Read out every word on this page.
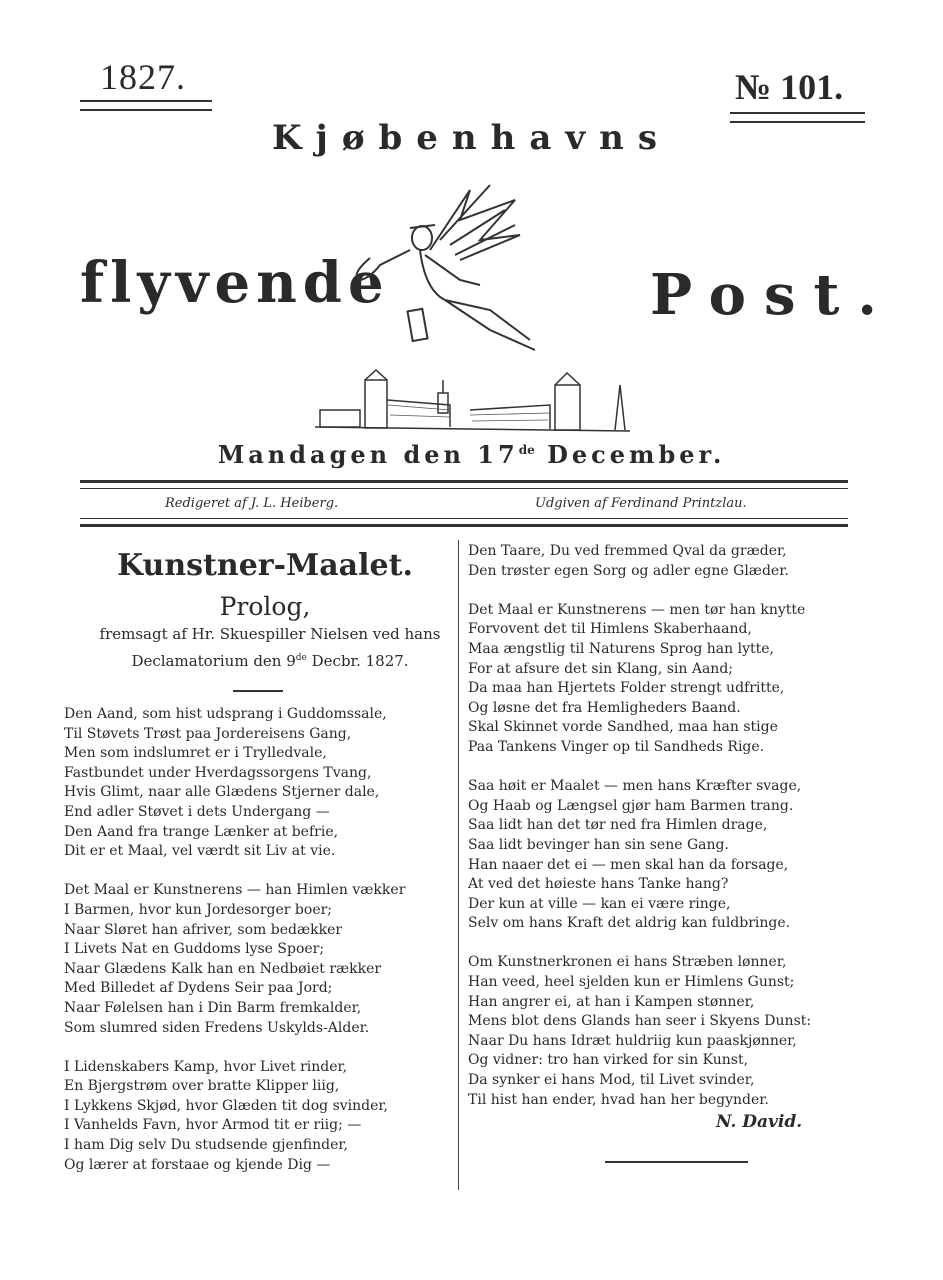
1827.	№ 101.
Kjøbenhavns
flyvende	Post.
Mandagen den 17de December.
Redigeret af J. L. Heiberg.	Udgiven af Ferdinand Printzlau.
Kunstner-Maalet.
Prolog,
fremsagt af Hr. Skuespiller Nielsen ved hans
Declamatorium den 9de Decbr. 1827.
Den Aand, som hist udsprang i Guddomssale,
Til Støvets Trøst paa Jordereisens Gang,
Men som indslumret er i Trylledvale,
Fastbundet under Hverdagssorgens Tvang,
Hvis Glimt, naar alle Glædens Stjerner dale,
End adler Støvet i dets Undergang —
Den Aand fra trange Lænker at befrie,
Dit er et Maal, vel værdt sit Liv at vie.
Det Maal er Kunstnerens — han Himlen vækker
I Barmen, hvor kun Jordesorger boer;
Naar Sløret han afriver, som bedækker
I Livets Nat en Guddoms lyse Spoer;
Naar Glædens Kalk han en Nedbøiet rækker
Med Billedet af Dydens Seir paa Jord;
Naar Følelsen han i Din Barm fremkalder,
Som slumred siden Fredens Uskylds-Alder.
I Lidenskabers Kamp, hvor Livet rinder,
En Bjergstrøm over bratte Klipper liig,
I Lykkens Skjød, hvor Glæden tit dog svinder,
I Vanhelds Favn, hvor Armod tit er riig; —
I ham Dig selv Du studsende gjenfinder,
Og lærer at forstaae og kjende Dig —
Den Taare, Du ved fremmed Qval da græder,
Den trøster egen Sorg og adler egne Glæder.
Det Maal er Kunstnerens — men tør han knytte
Forvovent det til Himlens Skaberhaand,
Maa ængstlig til Naturens Sprog han lytte,
For at afsure det sin Klang, sin Aand;
Da maa han Hjertets Folder strengt udfritte,
Og løsne det fra Hemligheders Baand.
Skal Skinnet vorde Sandhed, maa han stige
Paa Tankens Vinger op til Sandheds Rige.
Saa høit er Maalet — men hans Kræfter svage,
Og Haab og Længsel gjør ham Barmen trang.
Saa lidt han det tør ned fra Himlen drage,
Saa lidt bevinger han sin sene Gang.
Han naaer det ei — men skal han da forsage,
At ved det høieste hans Tanke hang?
Der kun at ville — kan ei være ringe,
Selv om hans Kraft det aldrig kan fuldbringe.
Om Kunstnerkronen ei hans Stræben lønner,
Han veed, heel sjelden kun er Himlens Gunst;
Han angrer ei, at han i Kampen stønner,
Mens blot dens Glands han seer i Skyens Dunst:
Naar Du hans Idræt huldriig kun paaskjønner,
Og vidner: tro han virked for sin Kunst,
Da synker ei hans Mod, til Livet svinder,
Til hist han ender, hvad han her begynder.
N. David.
